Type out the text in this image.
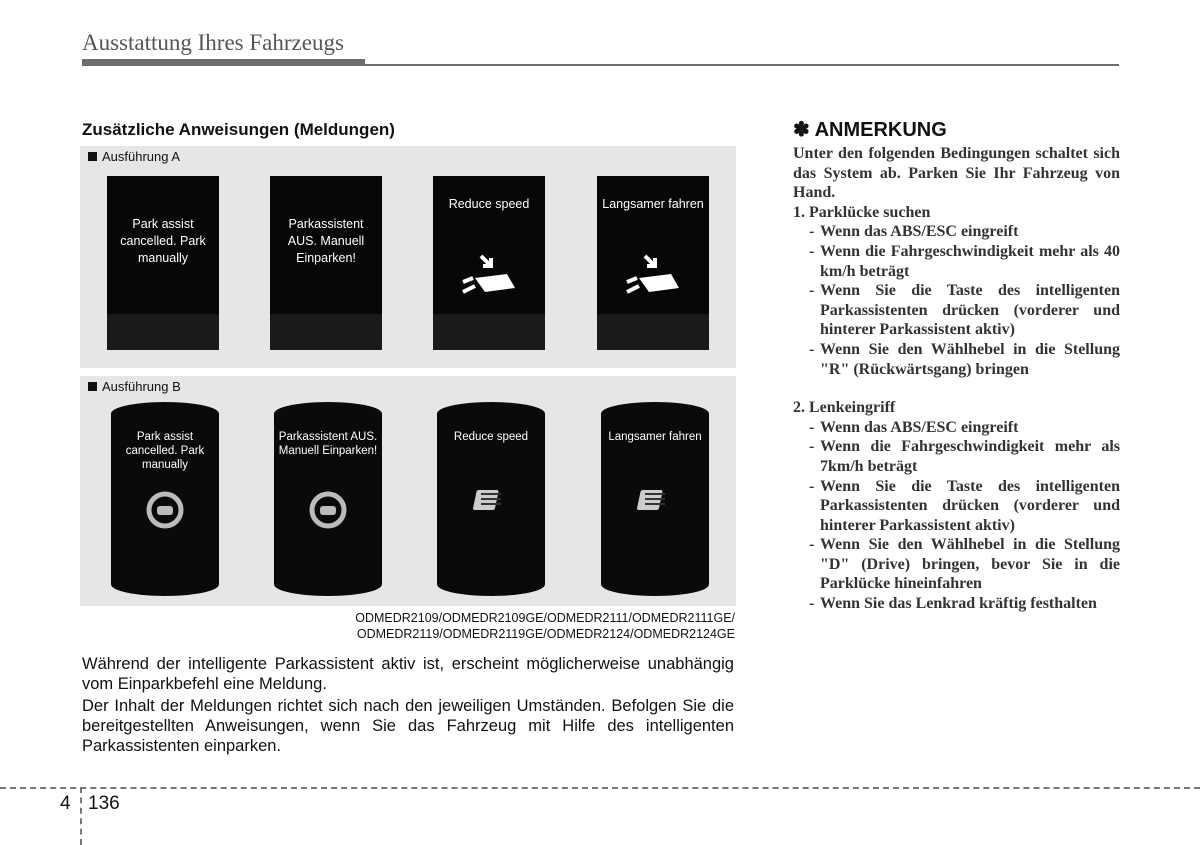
Ausstattung Ihres Fahrzeugs
Zusätzliche Anweisungen (Meldungen)
Ausführung A
Park assist cancelled. Park manually
Parkassistent AUS. Manuell Einparken!
Reduce speed	Langsamer fahren
Ausführung B
Park assist cancelled. Park manually
Parkassistent AUS. Manuell Einparken!
Reduce speed	Langsamer fahren
ODMEDR2109/ODMEDR2109GE/ODMEDR2111/ODMEDR2111GE/
ODMEDR2119/ODMEDR2119GE/ODMEDR2124/ODMEDR2124GE
Während der intelligente Parkassistent aktiv ist, erscheint möglicherweise unabhängig vom Einparkbefehl eine Meldung.
Der Inhalt der Meldungen richtet sich nach den jeweiligen Umständen. Befolgen Sie die bereitgestellten Anweisungen, wenn Sie das Fahrzeug mit Hilfe des intelligenten Parkassistenten einparken.
✽ ANMERKUNG

Unter den folgenden Bedingungen schaltet sich das System ab. Parken Sie Ihr Fahrzeug von Hand.

1. Parklücke suchen
- Wenn das ABS/ESC eingreift
- Wenn die Fahrgeschwindigkeit mehr als 40 km/h beträgt
- Wenn Sie die Taste des intelligenten Parkassistenten drücken (vorderer und hinterer Parkassistent aktiv)
- Wenn Sie den Wählhebel in die Stellung "R" (Rückwärtsgang) bringen
2. Lenkeingriff
- Wenn das ABS/ESC eingreift
- Wenn die Fahrgeschwindigkeit mehr als 7km/h beträgt
- Wenn Sie die Taste des intelligenten Parkassistenten drücken (vorderer und hinterer Parkassistent aktiv)
- Wenn Sie den Wählhebel in die Stellung "D" (Drive) bringen, bevor Sie in die Parklücke hineinfahren
- Wenn Sie das Lenkrad kräftig festhalten
4 136
